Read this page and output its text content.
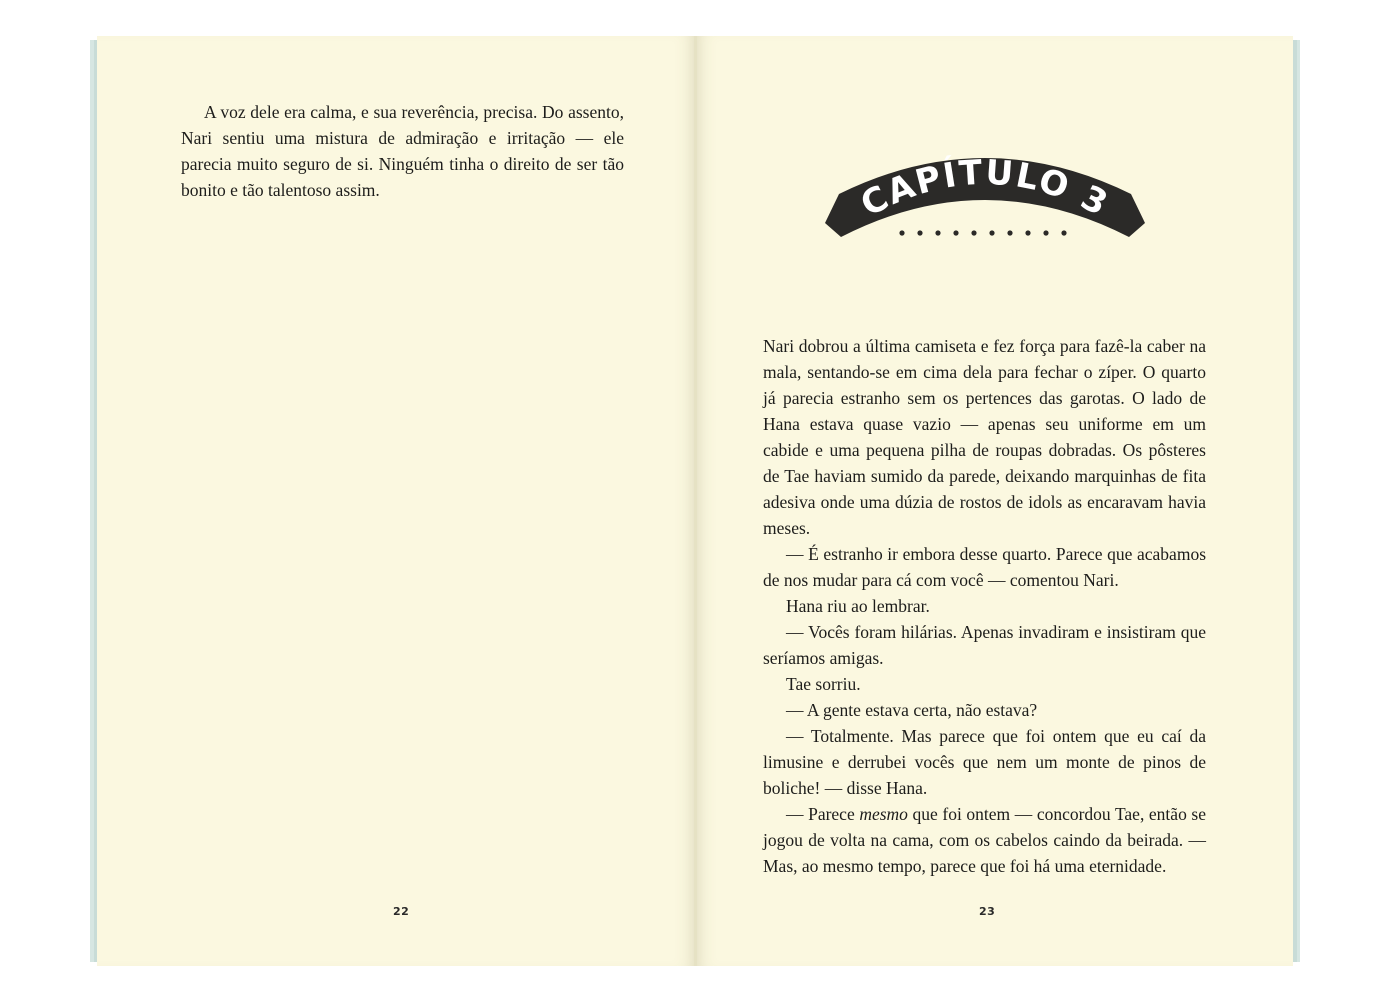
A voz dele era calma, e sua reverência, precisa. Do assento, Nari sentiu uma mistura de admiração e irritação — ele parecia muito seguro de si. Ninguém tinha o direito de ser tão bonito e tão talentoso assim.

22
CAPÍTULO 3

Nari dobrou a última camiseta e fez força para fazê-la caber na mala, sentando-se em cima dela para fechar o zíper. O quarto já parecia estranho sem os pertences das garotas. O lado de Hana estava quase vazio — apenas seu uniforme em um cabide e uma pequena pilha de roupas dobradas. Os pôsteres de Tae haviam sumido da parede, deixando marquinhas de fita adesiva onde uma dúzia de rostos de idols as encaravam havia meses.

— É estranho ir embora desse quarto. Parece que acabamos de nos mudar para cá com você — comentou Nari.

Hana riu ao lembrar.

— Vocês foram hilárias. Apenas invadiram e insistiram que seríamos amigas.

Tae sorriu.

— A gente estava certa, não estava?

— Totalmente. Mas parece que foi ontem que eu caí da limusine e derrubei vocês que nem um monte de pinos de boliche! — disse Hana.

— Parece mesmo que foi ontem — concordou Tae, então se jogou de volta na cama, com os cabelos caindo da beirada. — Mas, ao mesmo tempo, parece que foi há uma eternidade.

23
